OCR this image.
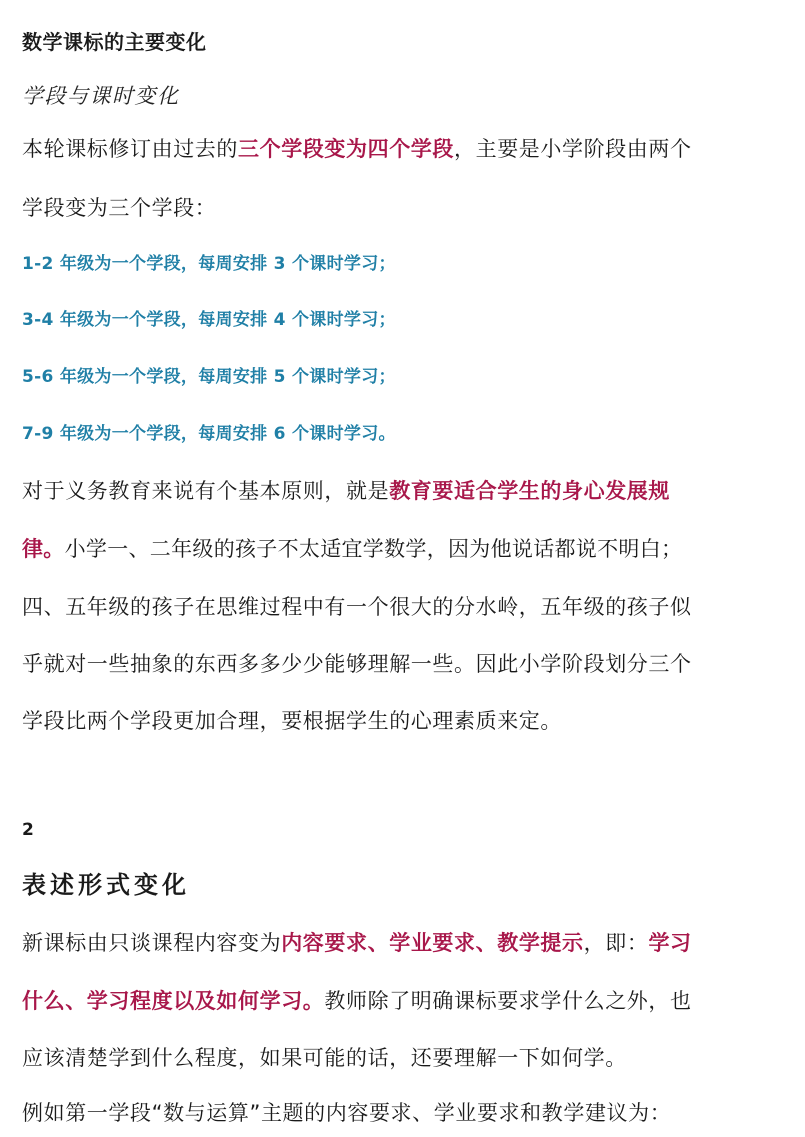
数学课标的主要变化
学段与课时变化
本轮课标修订由过去的三个学段变为四个学段，主要是小学阶段由两个
学段变为三个学段：
1-2 年级为一个学段，每周安排 3 个课时学习；
3-4 年级为一个学段，每周安排 4 个课时学习；
5-6 年级为一个学段，每周安排 5 个课时学习；
7-9 年级为一个学段，每周安排 6 个课时学习。
对于义务教育来说有个基本原则，就是教育要适合学生的身心发展规
律。小学一、二年级的孩子不太适宜学数学，因为他说话都说不明白；
四、五年级的孩子在思维过程中有一个很大的分水岭，五年级的孩子似
乎就对一些抽象的东西多多少少能够理解一些。因此小学阶段划分三个
学段比两个学段更加合理，要根据学生的心理素质来定。
2
表述形式变化
新课标由只谈课程内容变为内容要求、学业要求、教学提示，即：学习
什么、学习程度以及如何学习。教师除了明确课标要求学什么之外，也
应该清楚学到什么程度，如果可能的话，还要理解一下如何学。
例如第一学段“数与运算”主题的内容要求、学业要求和教学建议为：
